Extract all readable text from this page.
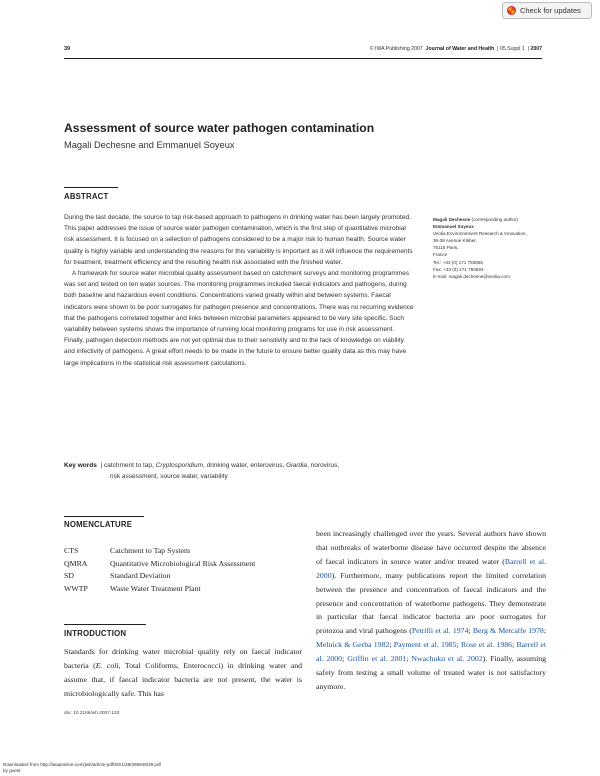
Check for updates
39	© IWA Publishing 2007 Journal of Water and Health  | 05.Suppl 1  | 2007
Assessment of source water pathogen contamination
Magali Dechesne and Emmanuel Soyeux
ABSTRACT

During the last decade, the source to tap risk-based approach to pathogens in drinking water has been largely promoted. This paper addresses the issue of source water pathogen contamination, which is the first step of quantitative microbial risk assessment. It is focused on a selection of pathogens considered to be a major risk to human health. Source water quality is highly variable and understanding the reasons for this variability is important as it will influence the requirements for treatment, treatment efficiency and the resulting health risk associated with the finished water.

A framework for source water microbial quality assessment based on catchment surveys and monitoring programmes was set and tested on ten water sources. The monitoring programmes included faecal indicators and pathogens, during both baseline and hazardous event conditions. Concentrations varied greatly within and between systems. Faecal indicators were shown to be poor surrogates for pathogen presence and concentrations. There was no recurring evidence that the pathogens correlated together and links between microbial parameters appeared to be very site specific. Such variability between systems shows the importance of running local monitoring programs for use in risk assessment. Finally, pathogen detection methods are not yet optimal due to their sensitivity and to the lack of knowledge on viability and infectivity of pathogens. A great effort needs to be made in the future to ensure better quality data as this may have large implications in the statistical risk assessment calculations.

Key words  | catchment to tap, Cryptosporidium, drinking water, enterovirus, Giardia, norovirus,
risk assessment, source water, variability
Magali Dechesne (corresponding author)
Emmanuel Soyeux
Veolia Environnement Research & Innovation,
36-38 Avenue Kléber,
75116 Paris,
France
Tel.: +33 (0) 171 750855
Fax: +33 (0) 171 750593
E-mail: magali.dechesne@veolia.com
NOMENCLATURE
CTS	Catchment to Tap System
QMRA	Quantitative Microbiological Risk Assessment
SD	Standard Deviation
WWTP	Waste Water Treatment Plant
INTRODUCTION
Standards for drinking water microbial quality rely on faecal indicator bacteria (E. coli, Total Coliforms, Enterococci) in drinking water and assume that, if faecal indicator bacteria are not present, the water is microbiologically safe. This has
been increasingly challenged over the years. Several authors have shown that outbreaks of waterborne disease have occurred despite the absence of faecal indicators in source water and/or treated water (Barrell et al. 2000). Furthermore, many publications report the limited correlation between the presence and concentration of faecal indicators and the presence and concentration of waterborne pathogens. They demonstrate in particular that faecal indicator bacteria are poor surrogates for protozoa and viral pathogens (Petrilli et al. 1974; Berg & Metcalfe 1978; Melnick & Gerba 1982; Payment et al. 1985; Rose et al. 1986; Barrell et al. 2000; Griffin et al. 2001; Nwachuku et al. 2002). Finally, assuming safety from testing a small volume of treated water is not satisfactory anymore.
doi: 10.2166/wh.2007.133
Downloaded from http://iwaponline.com/jwh/article-pdf/5/S1/39/396846/39.pdf
by guest
